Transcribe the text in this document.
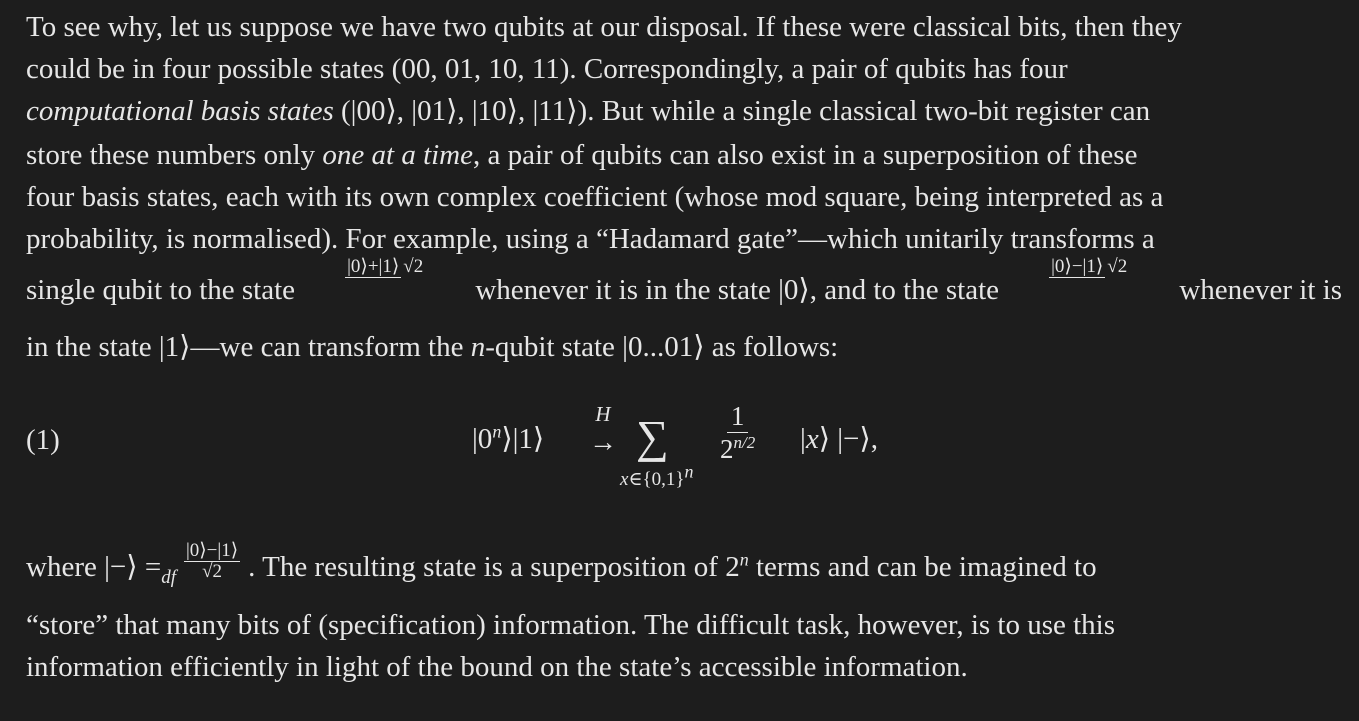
To see why, let us suppose we have two qubits at our disposal. If these were classical bits, then they
could be in four possible states (00, 01, 10, 11). Correspondingly, a pair of qubits has four
computational basis states (|00⟩, |01⟩, |10⟩, |11⟩). But while a single classical two-bit register can
store these numbers only one at a time, a pair of qubits can also exist in a superposition of these
four basis states, each with its own complex coefficient (whose mod square, being interpreted as a
probability, is normalised). For example, using a “Hadamard gate”—which unitarily transforms a
single qubit to the state
|0⟩+|1⟩ √2
whenever it is in the state |0⟩, and to the state
|0⟩−|1⟩ √2
whenever it is
in the state |1⟩—we can transform the n-qubit state |0...01⟩ as follows:
(1)	|0$^n$⟩|1⟩
H
→ ∑
$x\in\{0,1\}^n$
$\frac{1}{2^{n/2}}$ |x⟩ |−⟩,
where |−⟩ $=_{df} \frac{|0⟩-|1⟩}{√2}$ . The resulting state is a superposition of 2$^n$ terms and can be imagined to
“store” that many bits of (specification) information. The difficult task, however, is to use this
information efficiently in light of the bound on the state’s accessible information.
